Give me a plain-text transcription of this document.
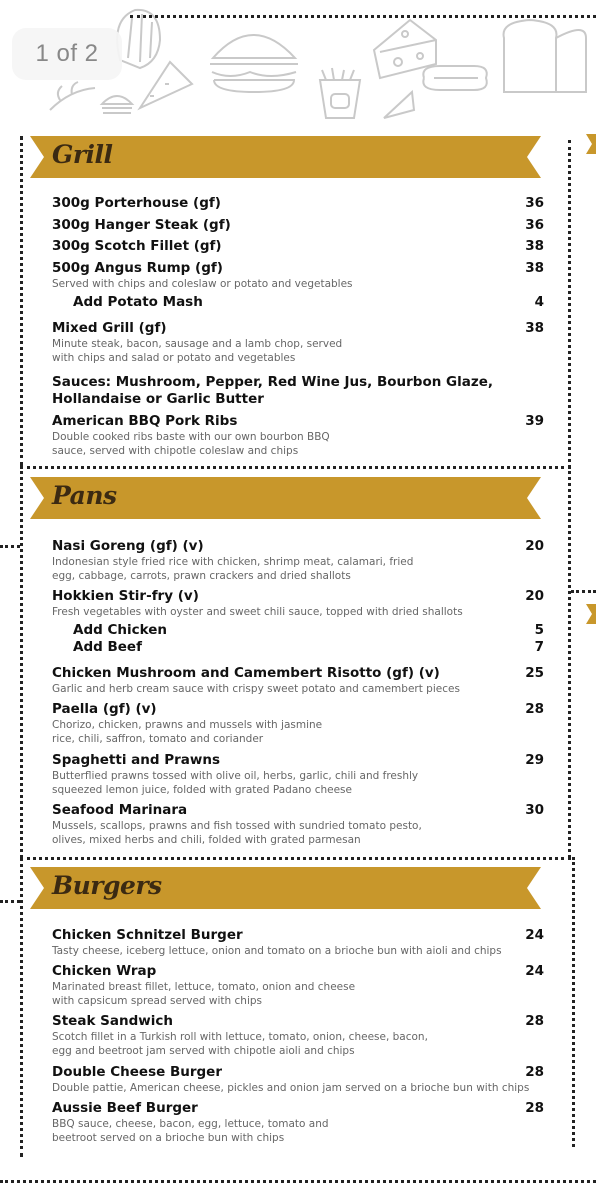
1 of 2
Grill
300g Porterhouse (gf)	36
300g Hanger Steak (gf)	36
300g Scotch Fillet (gf)	38
500g Angus Rump (gf)	38
Served with chips and coleslaw or potato and vegetables
Add Potato Mash	4
Mixed Grill (gf)	38
Minute steak, bacon, sausage and a lamb chop, served
with chips and salad or potato and vegetables
Sauces: Mushroom, Pepper, Red Wine Jus, Bourbon Glaze, Hollandaise or Garlic Butter
American BBQ Pork Ribs	39
Double cooked ribs baste with our own bourbon BBQ
sauce, served with chipotle coleslaw and chips
Pans
Nasi Goreng (gf) (v)	20
Indonesian style fried rice with chicken, shrimp meat, calamari, fried
egg, cabbage, carrots, prawn crackers and dried shallots
Hokkien Stir-fry (v)	20
Fresh vegetables with oyster and sweet chili sauce, topped with dried shallots
Add Chicken	5
Add Beef	7
Chicken Mushroom and Camembert Risotto (gf) (v)	25
Garlic and herb cream sauce with crispy sweet potato and camembert pieces
Paella (gf) (v)	28
Chorizo, chicken, prawns and mussels with jasmine
rice, chili, saffron, tomato and coriander
Spaghetti and Prawns	29
Butterflied prawns tossed with olive oil, herbs, garlic, chili and freshly
squeezed lemon juice, folded with grated Padano cheese
Seafood Marinara	30
Mussels, scallops, prawns and fish tossed with sundried tomato pesto,
olives, mixed herbs and chili, folded with grated parmesan
Burgers
Chicken Schnitzel Burger	24
Tasty cheese, iceberg lettuce, onion and tomato on a brioche bun with aioli and chips
Chicken Wrap	24
Marinated breast fillet, lettuce, tomato, onion and cheese
with capsicum spread served with chips
Steak Sandwich	28
Scotch fillet in a Turkish roll with lettuce, tomato, onion, cheese, bacon,
egg and beetroot jam served with chipotle aioli and chips
Double Cheese Burger	28
Double pattie, American cheese, pickles and onion jam served on a brioche bun with chips
Aussie Beef Burger	28
BBQ sauce, cheese, bacon, egg, lettuce, tomato and
beetroot served on a brioche bun with chips
